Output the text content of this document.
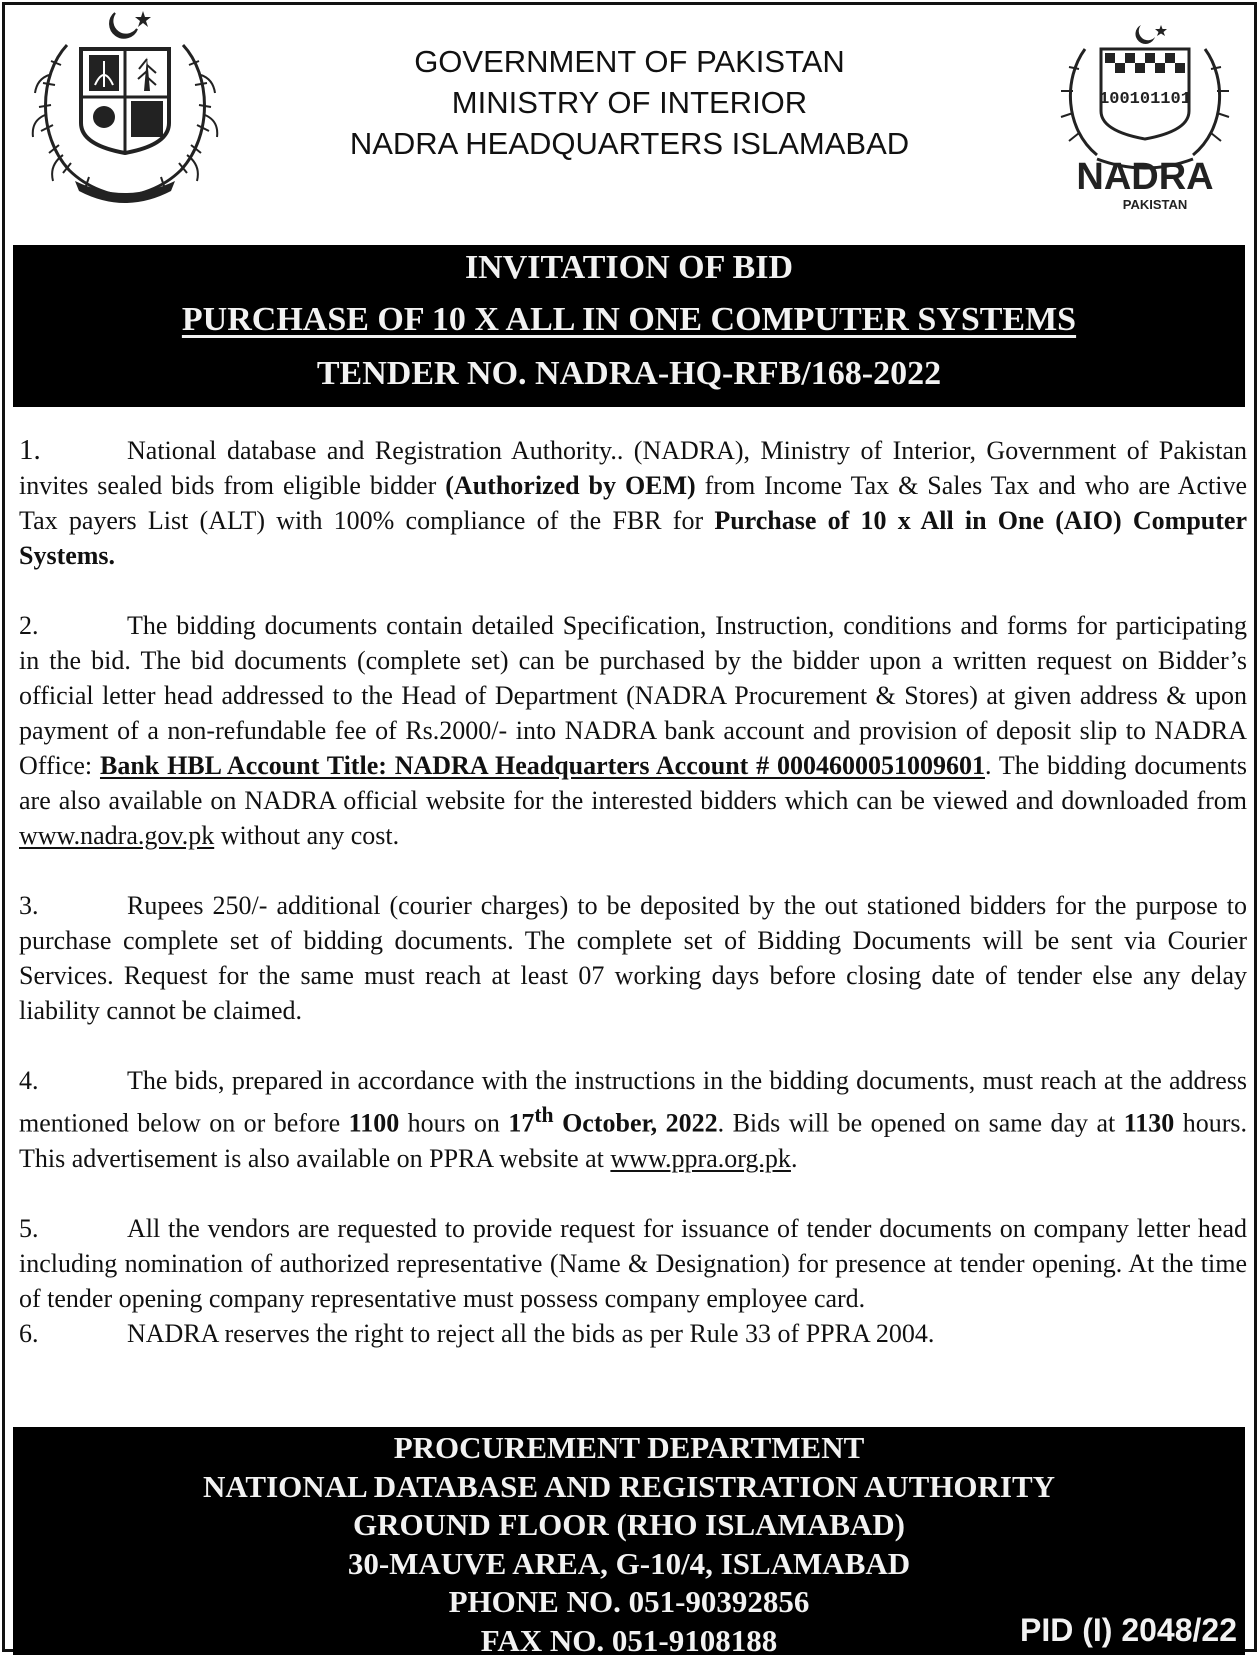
GOVERNMENT OF PAKISTAN
MINISTRY OF INTERIOR
NADRA HEADQUARTERS ISLAMABAD
100101101
NADRA
PAKISTAN
INVITATION OF BID
PURCHASE OF 10 X ALL IN ONE COMPUTER SYSTEMS
TENDER NO. NADRA-HQ-RFB/168-2022

1.	National database and Registration Authority.. (NADRA), Ministry of Interior, Government of Pakistan invites sealed bids from eligible bidder (Authorized by OEM) from Income Tax & Sales Tax and who are Active Tax payers List (ALT) with 100% compliance of the FBR for Purchase of 10 x All in One (AIO) Computer Systems.

2.	The bidding documents contain detailed Specification, Instruction, conditions and forms for participating in the bid. The bid documents (complete set) can be purchased by the bidder upon a written request on Bidder’s official letter head addressed to the Head of Department (NADRA Procurement & Stores) at given address & upon payment of a non-refundable fee of Rs.2000/- into NADRA bank account and provision of deposit slip to NADRA Office: Bank HBL Account Title: NADRA Headquarters Account # 0004600051009601. The bidding documents are also available on NADRA official website for the interested bidders which can be viewed and downloaded from www.nadra.gov.pk without any cost.

3.	Rupees 250/- additional (courier charges) to be deposited by the out stationed bidders for the purpose to purchase complete set of bidding documents. The complete set of Bidding Documents will be sent via Courier Services. Request for the same must reach at least 07 working days before closing date of tender else any delay liability cannot be claimed.

4.	The bids, prepared in accordance with the instructions in the bidding documents, must reach at the address mentioned below on or before 1100 hours on 17th October, 2022. Bids will be opened on same day at 1130 hours. This advertisement is also available on PPRA website at www.ppra.org.pk.

5.	All the vendors are requested to provide request for issuance of tender documents on company letter head including nomination of authorized representative (Name & Designation) for presence at tender opening. At the time of tender opening company representative must possess company employee card.

6.	NADRA reserves the right to reject all the bids as per Rule 33 of PPRA 2004.

PROCUREMENT DEPARTMENT
NATIONAL DATABASE AND REGISTRATION AUTHORITY
GROUND FLOOR (RHO ISLAMABAD)
30-MAUVE AREA, G-10/4, ISLAMABAD
PHONE NO. 051-90392856
FAX NO. 051-9108188	PID (I) 2048/22
